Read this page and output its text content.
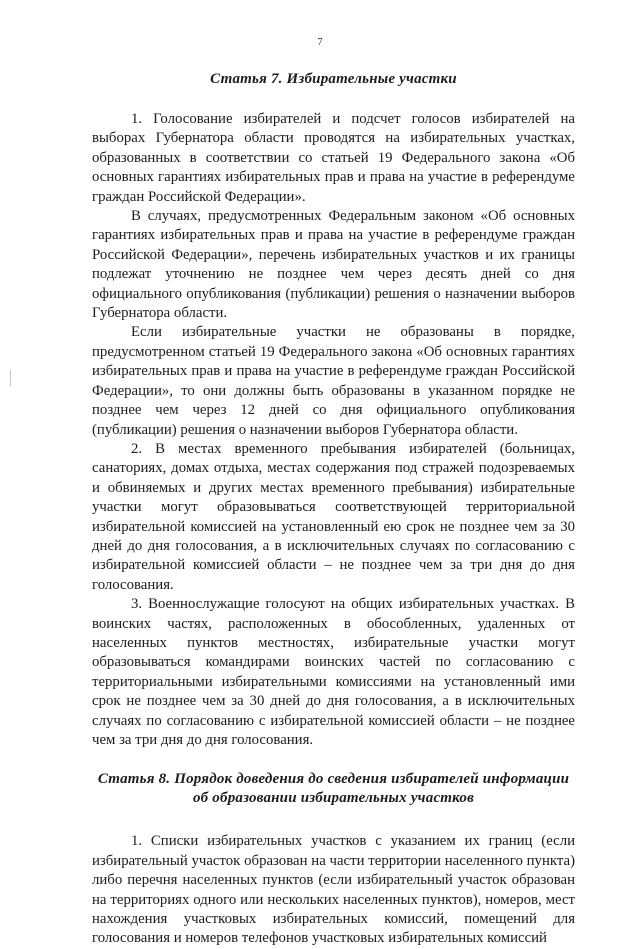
7
Статья 7. Избирательные участки

1. Голосование избирателей и подсчет голосов избирателей на выборах Губернатора области проводятся на избирательных участках, образованных в соответствии со статьей 19 Федерального закона «Об основных гарантиях избирательных прав и права на участие в референдуме граждан Российской Федерации».

В случаях, предусмотренных Федеральным законом «Об основных гарантиях избирательных прав и права на участие в референдуме граждан Российской Федерации», перечень избирательных участков и их границы подлежат уточнению не позднее чем через десять дней со дня официального опубликования (публикации) решения о назначении выборов Губернатора области.

Если избирательные участки не образованы в порядке, предусмотренном статьей 19 Федерального закона «Об основных гарантиях избирательных прав и права на участие в референдуме граждан Российской Федерации», то они должны быть образованы в указанном порядке не позднее чем через 12 дней со дня официального опубликования (публикации) решения о назначении выборов Губернатора области.

2. В местах временного пребывания избирателей (больницах, санаториях, домах отдыха, местах содержания под стражей подозреваемых и обвиняемых и других местах временного пребывания) избирательные участки могут образовываться соответствующей территориальной избирательной комиссией на установленный ею срок не позднее чем за 30 дней до дня голосования, а в исключительных случаях по согласованию с избирательной комиссией области – не позднее чем за три дня до дня голосования.

3. Военнослужащие голосуют на общих избирательных участках. В воинских частях, расположенных в обособленных, удаленных от населенных пунктов местностях, избирательные участки могут образовываться командирами воинских частей по согласованию с территориальными избирательными комиссиями на установленный ими срок не позднее чем за 30 дней до дня голосования, а в исключительных случаях по согласованию с избирательной комиссией области – не позднее чем за три дня до дня голосования.

Статья 8. Порядок доведения до сведения избирателей информации
об образовании избирательных участков

1. Списки избирательных участков с указанием их границ (если избирательный участок образован на части территории населенного пункта) либо перечня населенных пунктов (если избирательный участок образован на территориях одного или нескольких населенных пунктов), номеров, мест нахождения участковых избирательных комиссий, помещений для голосования и номеров телефонов участковых избирательных комиссий
